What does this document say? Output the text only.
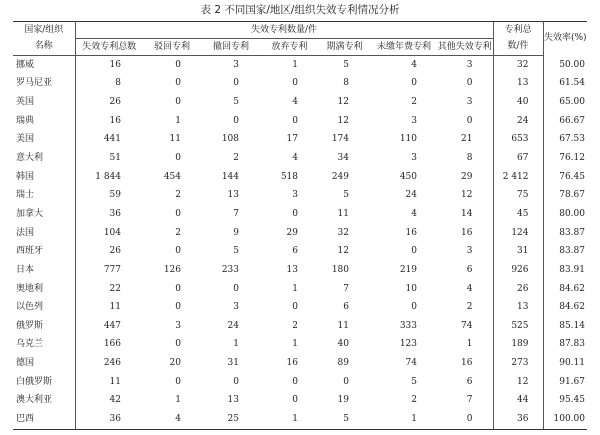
表 2 不同国家/地区/组织失效专利情况分析
国家/组织	失效专利数量/件							专利总	失效率(%)
名称	失效专利总数	驳回专利	撤回专利	放弃专利	期满专利	未缴年费专利	其他失效专利	数/件	
挪威	16	0	3	1	5	4	3	32	50.00
罗马尼亚	8	0	0	0	8	0	0	13	61.54
英国	26	0	5	4	12	2	3	40	65.00
瑞典	16	1	0	0	12	3	0	24	66.67
美国	441	11	108	17	174	110	21	653	67.53
意大利	51	0	2	4	34	3	8	67	76.12
韩国	1 844	454	144	518	249	450	29	2 412	76.45
瑞士	59	2	13	3	5	24	12	75	78.67
加拿大	36	0	7	0	11	4	14	45	80.00
法国	104	2	9	29	32	16	16	124	83.87
西班牙	26	0	5	6	12	0	3	31	83.87
日本	777	126	233	13	180	219	6	926	83.91
奥地利	22	0	0	1	7	10	4	26	84.62
以色列	11	0	3	0	6	0	2	13	84.62
俄罗斯	447	3	24	2	11	333	74	525	85.14
乌克兰	166	0	1	1	40	123	1	189	87.83
德国	246	20	31	16	89	74	16	273	90.11
白俄罗斯	11	0	0	0	0	5	6	12	91.67
澳大利亚	42	1	13	0	19	2	7	44	95.45
巴西	36	4	25	1	5	1	0	36	100.00
